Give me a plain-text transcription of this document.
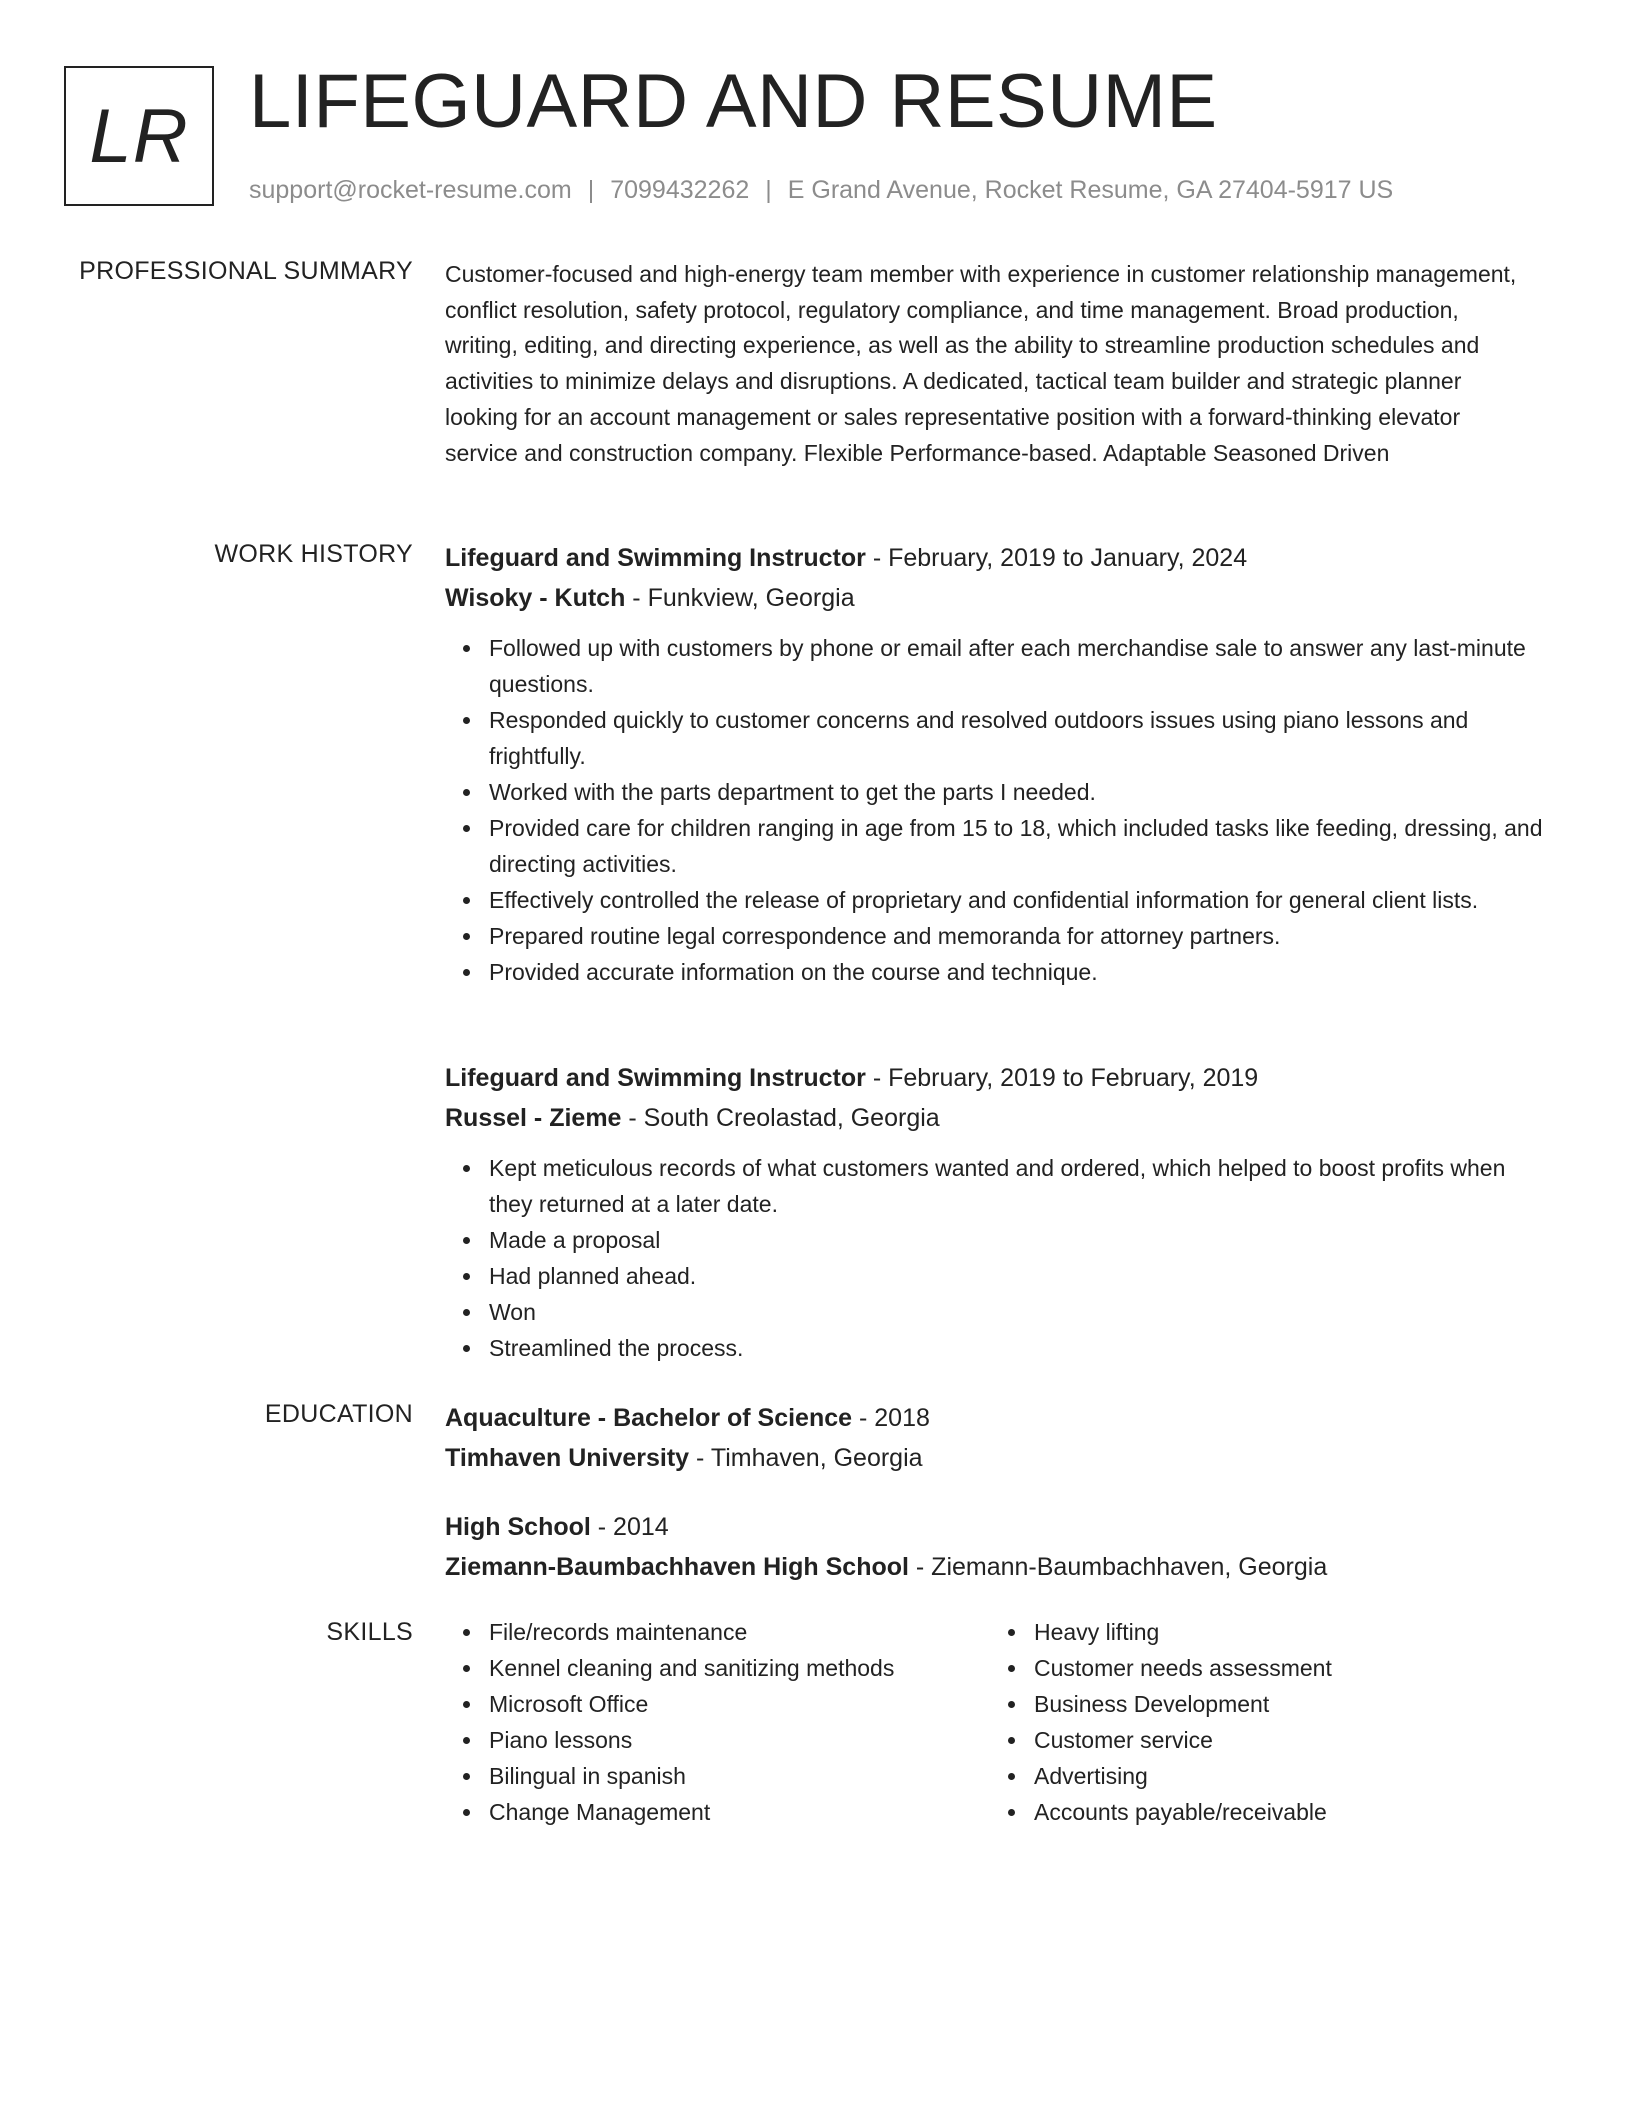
LR LIFEGUARD AND RESUME
support@rocket-resume.com | 7099432262 | E Grand Avenue, Rocket Resume, GA 27404-5917 US
PROFESSIONAL SUMMARY Customer-focused and high-energy team member with experience in customer relationship management, conflict resolution, safety protocol, regulatory compliance, and time management. Broad production, writing, editing, and directing experience, as well as the ability to streamline production schedules and activities to minimize delays and disruptions. A dedicated, tactical team builder and strategic planner looking for an account management or sales representative position with a forward-thinking elevator service and construction company. Flexible Performance-based. Adaptable Seasoned Driven

WORK HISTORY Lifeguard and Swimming Instructor - February, 2019 to January, 2024
Wisoky - Kutch - Funkview, Georgia
Followed up with customers by phone or email after each merchandise sale to answer any last-minute questions.
Responded quickly to customer concerns and resolved outdoors issues using piano lessons and frightfully.
Worked with the parts department to get the parts I needed.
Provided care for children ranging in age from 15 to 18, which included tasks like feeding, dressing, and directing activities.
Effectively controlled the release of proprietary and confidential information for general client lists.
Prepared routine legal correspondence and memoranda for attorney partners.
Provided accurate information on the course and technique.
Lifeguard and Swimming Instructor - February, 2019 to February, 2019
Russel - Zieme - South Creolastad, Georgia
Kept meticulous records of what customers wanted and ordered, which helped to boost profits when they returned at a later date.
Made a proposal
Had planned ahead.
Won
Streamlined the process.
EDUCATION Aquaculture - Bachelor of Science - 2018
Timhaven University - Timhaven, Georgia
High School - 2014
Ziemann-Baumbachhaven High School - Ziemann-Baumbachhaven, Georgia
SKILLS	File/records maintenance
Kennel cleaning and sanitizing methods
Microsoft Office
Piano lessons
Bilingual in spanish
Change Management
Heavy lifting
Customer needs assessment
Business Development
Customer service
Advertising
Accounts payable/receivable
